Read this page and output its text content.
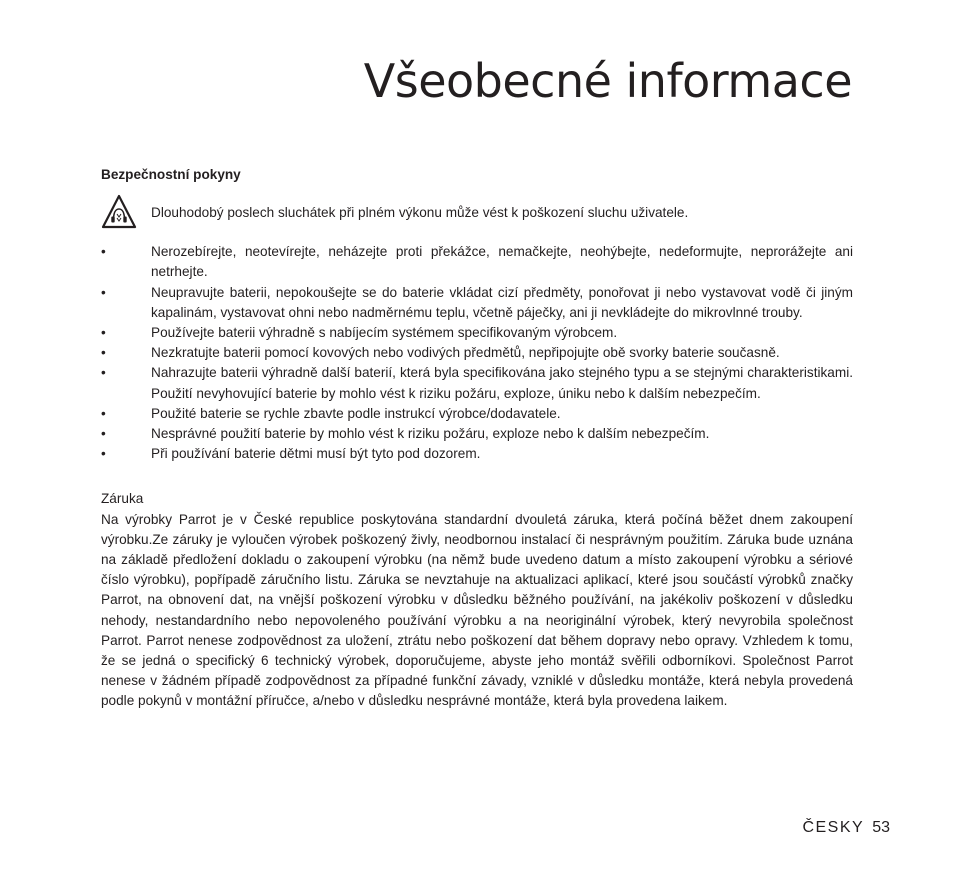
Všeobecné informace

Bezpečnostní pokyny

Dlouhodobý poslech sluchátek při plném výkonu může vést k poškození sluchu uživatele.
•	Nerozebírejte, neotevírejte, neházejte proti překážce, nemačkejte, neohýbejte, nedeformujte, neprorážejte ani netrhejte.
•	Neupravujte baterii, nepokoušejte se do baterie vkládat cizí předměty, ponořovat ji nebo vystavovat vodě či jiným kapalinám, vystavovat ohni nebo nadměrnému teplu, včetně páječky, ani ji nevkládejte do mikrovlnné trouby.
•	Používejte baterii výhradně s nabíjecím systémem specifikovaným výrobcem.
•	Nezkratujte baterii pomocí kovových nebo vodivých předmětů, nepřipojujte obě svorky baterie současně.
•	Nahrazujte baterii výhradně další baterií, která byla specifikována jako stejného typu a se stejnými charakteristikami. Použití nevyhovující baterie by mohlo vést k riziku požáru, exploze, úniku nebo k dalším nebezpečím.
•	Použité baterie se rychle zbavte podle instrukcí výrobce/dodavatele.
•	Nesprávné použití baterie by mohlo vést k riziku požáru, exploze nebo k dalším nebezpečím.
•	Při používání baterie dětmi musí být tyto pod dozorem.

Záruka

Na výrobky Parrot je v České republice poskytována standardní dvouletá záruka, která počíná běžet dnem zakoupení výrobku.Ze záruky je vyloučen výrobek poškozený živly, neodbornou instalací či nesprávným použitím. Záruka bude uznána na základě předložení dokladu o zakoupení výrobku (na němž bude uvedeno datum a místo zakoupení výrobku a sériové číslo výrobku), popřípadě záručního listu. Záruka se nevztahuje na aktualizaci aplikací, které jsou součástí výrobků značky Parrot, na obnovení dat, na vnější poškození výrobku v důsledku běžného používání, na jakékoliv poškození v důsledku nehody, nestandardního nebo nepovoleného používání výrobku a na neoriginální výrobek, který nevyrobila společnost Parrot. Parrot nenese zodpovědnost za uložení, ztrátu nebo poškození dat během dopravy nebo opravy. Vzhledem k tomu, že se jedná o specifický 6 technický výrobek, doporučujeme, abyste jeho montáž svěřili odborníkovi. Společnost Parrot nenese v žádném případě zodpovědnost za případné funkční závady, vzniklé v důsledku montáže, která nebyla provedená podle pokynů v montážní příručce, a/nebo v důsledku nesprávné montáže, která byla provedena laikem.

ČESKY 53
